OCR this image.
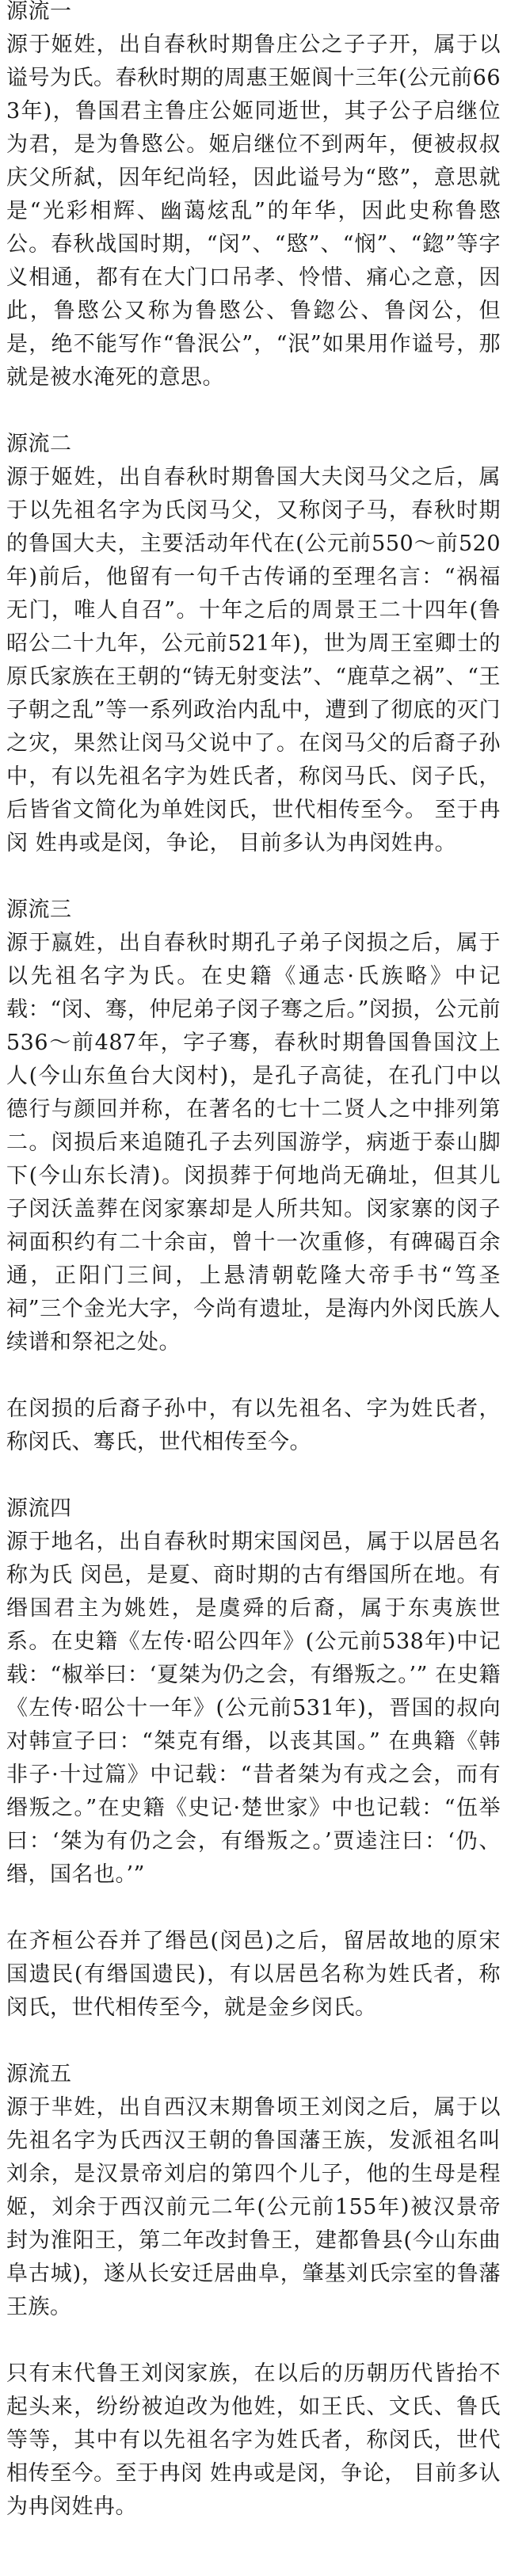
源流一

源于姬姓，出自春秋时期鲁庄公之子子开，属于以谥号为氏。春秋时期的周惠王姬阆十三年(公元前663年)，鲁国君主鲁庄公姬同逝世，其子公子启继位为君，是为鲁愍公。姬启继位不到两年，便被叔叔庆父所弑，因年纪尚轻，因此谥号为“愍”，意思就是“光彩相辉、幽蔼炫乱”的年华，因此史称鲁愍公。春秋战国时期，“闵”、“愍”、“悯”、“鍃”等字义相通，都有在大门口吊孝、怜惜、痛心之意，因此，鲁愍公又称为鲁愍公、鲁鍃公、鲁闵公，但是，绝不能写作“鲁泯公”，“泯”如果用作谥号，那就是被水淹死的意思。

源流二

源于姬姓，出自春秋时期鲁国大夫闵马父之后，属于以先祖名字为氏闵马父，又称闵子马，春秋时期的鲁国大夫，主要活动年代在(公元前550～前520年)前后，他留有一句千古传诵的至理名言：“祸福无门，唯人自召”。十年之后的周景王二十四年(鲁昭公二十九年，公元前521年)，世为周王室卿士的原氏家族在王朝的“铸无射变法”、“鹿草之祸”、“王子朝之乱”等一系列政治内乱中，遭到了彻底的灭门之灾，果然让闵马父说中了。在闵马父的后裔子孙中，有以先祖名字为姓氏者，称闵马氏、闵子氏，后皆省文简化为单姓闵氏，世代相传至今。 至于冉闵 姓冉或是闵，争论， 目前多认为冉闵姓冉。

源流三

源于嬴姓，出自春秋时期孔子弟子闵损之后，属于以先祖名字为氏。在史籍《通志·氏族略》中记载：“闵、骞，仲尼弟子闵子骞之后。”闵损，公元前536～前487年，字子骞，春秋时期鲁国鲁国汶上人(今山东鱼台大闵村)，是孔子高徒，在孔门中以德行与颜回并称，在著名的七十二贤人之中排列第二。闵损后来追随孔子去列国游学，病逝于泰山脚下(今山东长清)。闵损葬于何地尚无确址，但其儿子闵沃盖葬在闵家寨却是人所共知。闵家寨的闵子祠面积约有二十余亩，曾十一次重修，有碑碣百余通，正阳门三间，上悬清朝乾隆大帝手书“笃圣祠”三个金光大字，今尚有遗址，是海内外闵氏族人续谱和祭祀之处。

在闵损的后裔子孙中，有以先祖名、字为姓氏者，称闵氏、骞氏，世代相传至今。

源流四

源于地名，出自春秋时期宋国闵邑，属于以居邑名称为氏 闵邑，是夏、商时期的古有缗国所在地。有缗国君主为姚姓，是虞舜的后裔，属于东夷族世系。在史籍《左传·昭公四年》(公元前538年)中记载：“椒举曰：‘夏桀为仍之会，有缗叛之。’” 在史籍《左传·昭公十一年》(公元前531年)，晋国的叔向对韩宣子曰：“桀克有缗，以丧其国。” 在典籍《韩非子·十过篇》中记载：“昔者桀为有戎之会，而有缗叛之。”在史籍《史记·楚世家》中也记载：“伍举曰：‘桀为有仍之会，有缗叛之。’贾逵注曰：‘仍、缗，国名也。’”

在齐桓公吞并了缗邑(闵邑)之后，留居故地的原宋国遗民(有缗国遗民)，有以居邑名称为姓氏者，称闵氏，世代相传至今，就是金乡闵氏。

源流五

源于芈姓，出自西汉末期鲁顷王刘闵之后，属于以先祖名字为氏西汉王朝的鲁国藩王族，发派祖名叫刘余，是汉景帝刘启的第四个儿子，他的生母是程姬，刘余于西汉前元二年(公元前155年)被汉景帝封为淮阳王，第二年改封鲁王，建都鲁县(今山东曲阜古城)，遂从长安迁居曲阜，肇基刘氏宗室的鲁藩王族。

只有末代鲁王刘闵家族，在以后的历朝历代皆抬不起头来，纷纷被迫改为他姓，如王氏、文氏、鲁氏等等，其中有以先祖名字为姓氏者，称闵氏，世代相传至今。至于冉闵 姓冉或是闵，争论， 目前多认为冉闵姓冉。
